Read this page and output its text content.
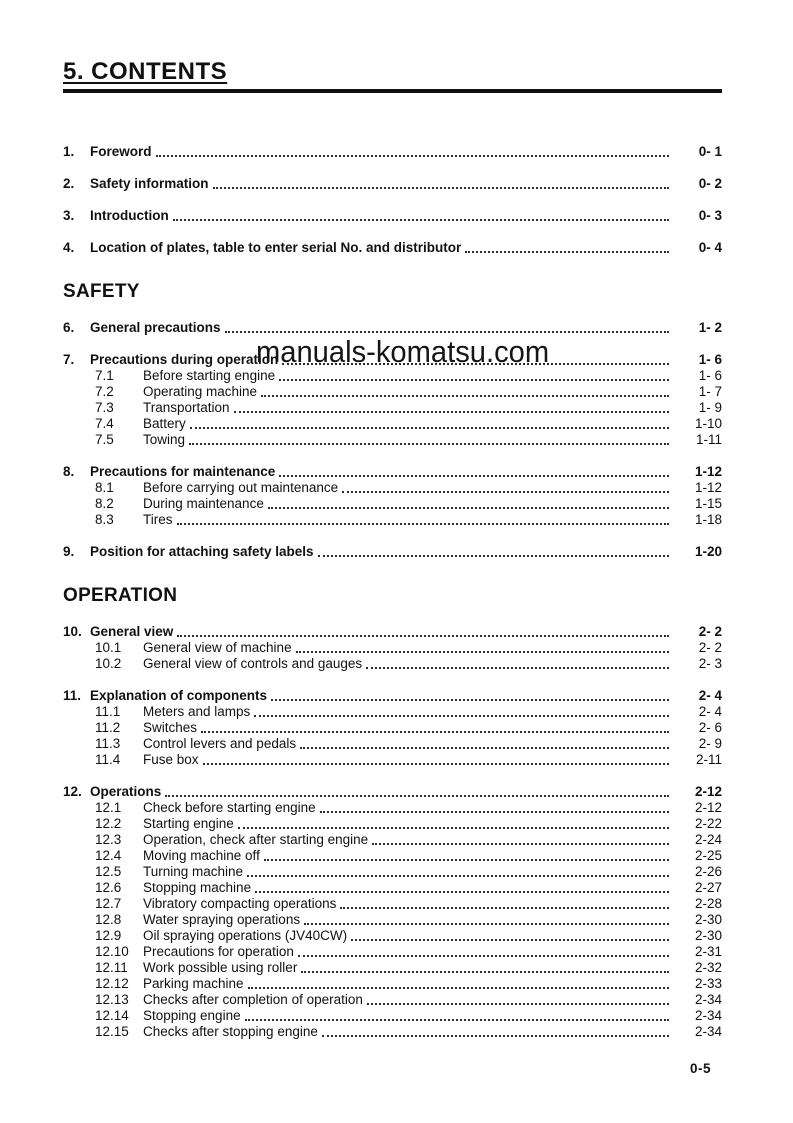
5. CONTENTS
1.	Foreword	0- 1
2.	Safety information	0- 2
3.	Introduction	0- 3
4.	Location of plates, table to enter serial No. and distributor	0- 4
SAFETY
6.	General precautions	1- 2
7.	Precautions during operation	1- 6
7.1	Before starting engine	1- 6
7.2	Operating machine	1- 7
7.3	Transportation	1- 9
7.4	Battery	1-10
7.5	Towing	1-11
8.	Precautions for maintenance	1-12
8.1	Before carrying out maintenance	1-12
8.2	During maintenance	1-15
8.3	Tires	1-18
9.	Position for attaching safety labels	1-20
OPERATION
10. General view	2- 2
10.1	General view of machine	2- 2
10.2	General view of controls and gauges	2- 3
11. Explanation of components	2- 4
11.1	Meters and lamps	2- 4
11.2	Switches	2- 6
11.3	Control levers and pedals	2- 9
11.4	Fuse box	2-11
12. Operations	2-12
12.1	Check before starting engine	2-12
12.2	Starting engine	2-22
12.3	Operation, check after starting engine	2-24
12.4	Moving machine off	2-25
12.5	Turning machine	2-26
12.6	Stopping machine	2-27
12.7	Vibratory compacting operations	2-28
12.8	Water spraying operations	2-30
12.9	Oil spraying operations (JV40CW)	2-30
12.10	Precautions for operation	2-31
12.11	Work possible using roller	2-32
12.12	Parking machine	2-33
12.13	Checks after completion of operation	2-34
12.14	Stopping engine	2-34
12.15	Checks after stopping engine	2-34
manuals-komatsu.com
0-5
